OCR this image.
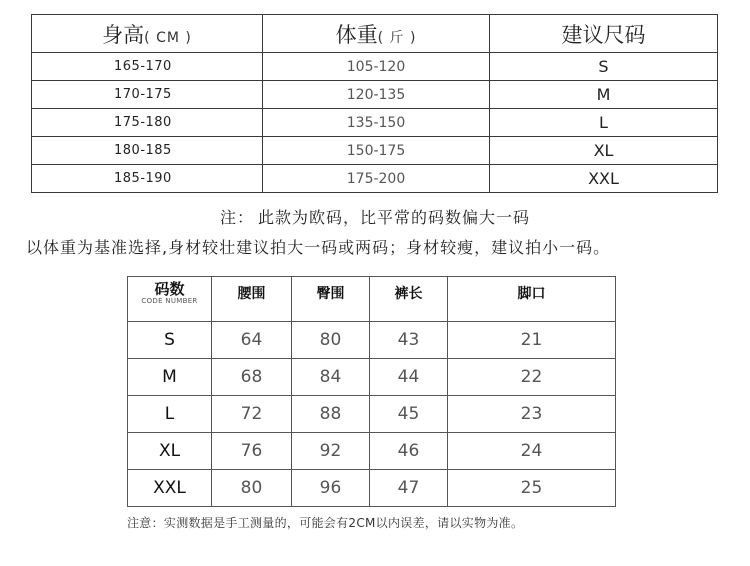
身高( CM )	体重( 斤 )	建议尺码
165-170	105-120	S
170-175	120-135	M
175-180	135-150	L
180-185	150-175	XL
185-190	175-200	XXL
注： 此款为欧码，比平常的码数偏大一码
以体重为基准选择,身材较壮建议拍大一码或两码；身材较瘦，建议拍小一码。
码数
CODE NUMBER	腰围	臀围	裤长	脚口
S	64	80	43	21
M	68	84	44	22
L	72	88	45	23
XL	76	92	46	24
XXL	80	96	47	25
注意：实测数据是手工测量的，可能会有2CM以内误差，请以实物为准。
